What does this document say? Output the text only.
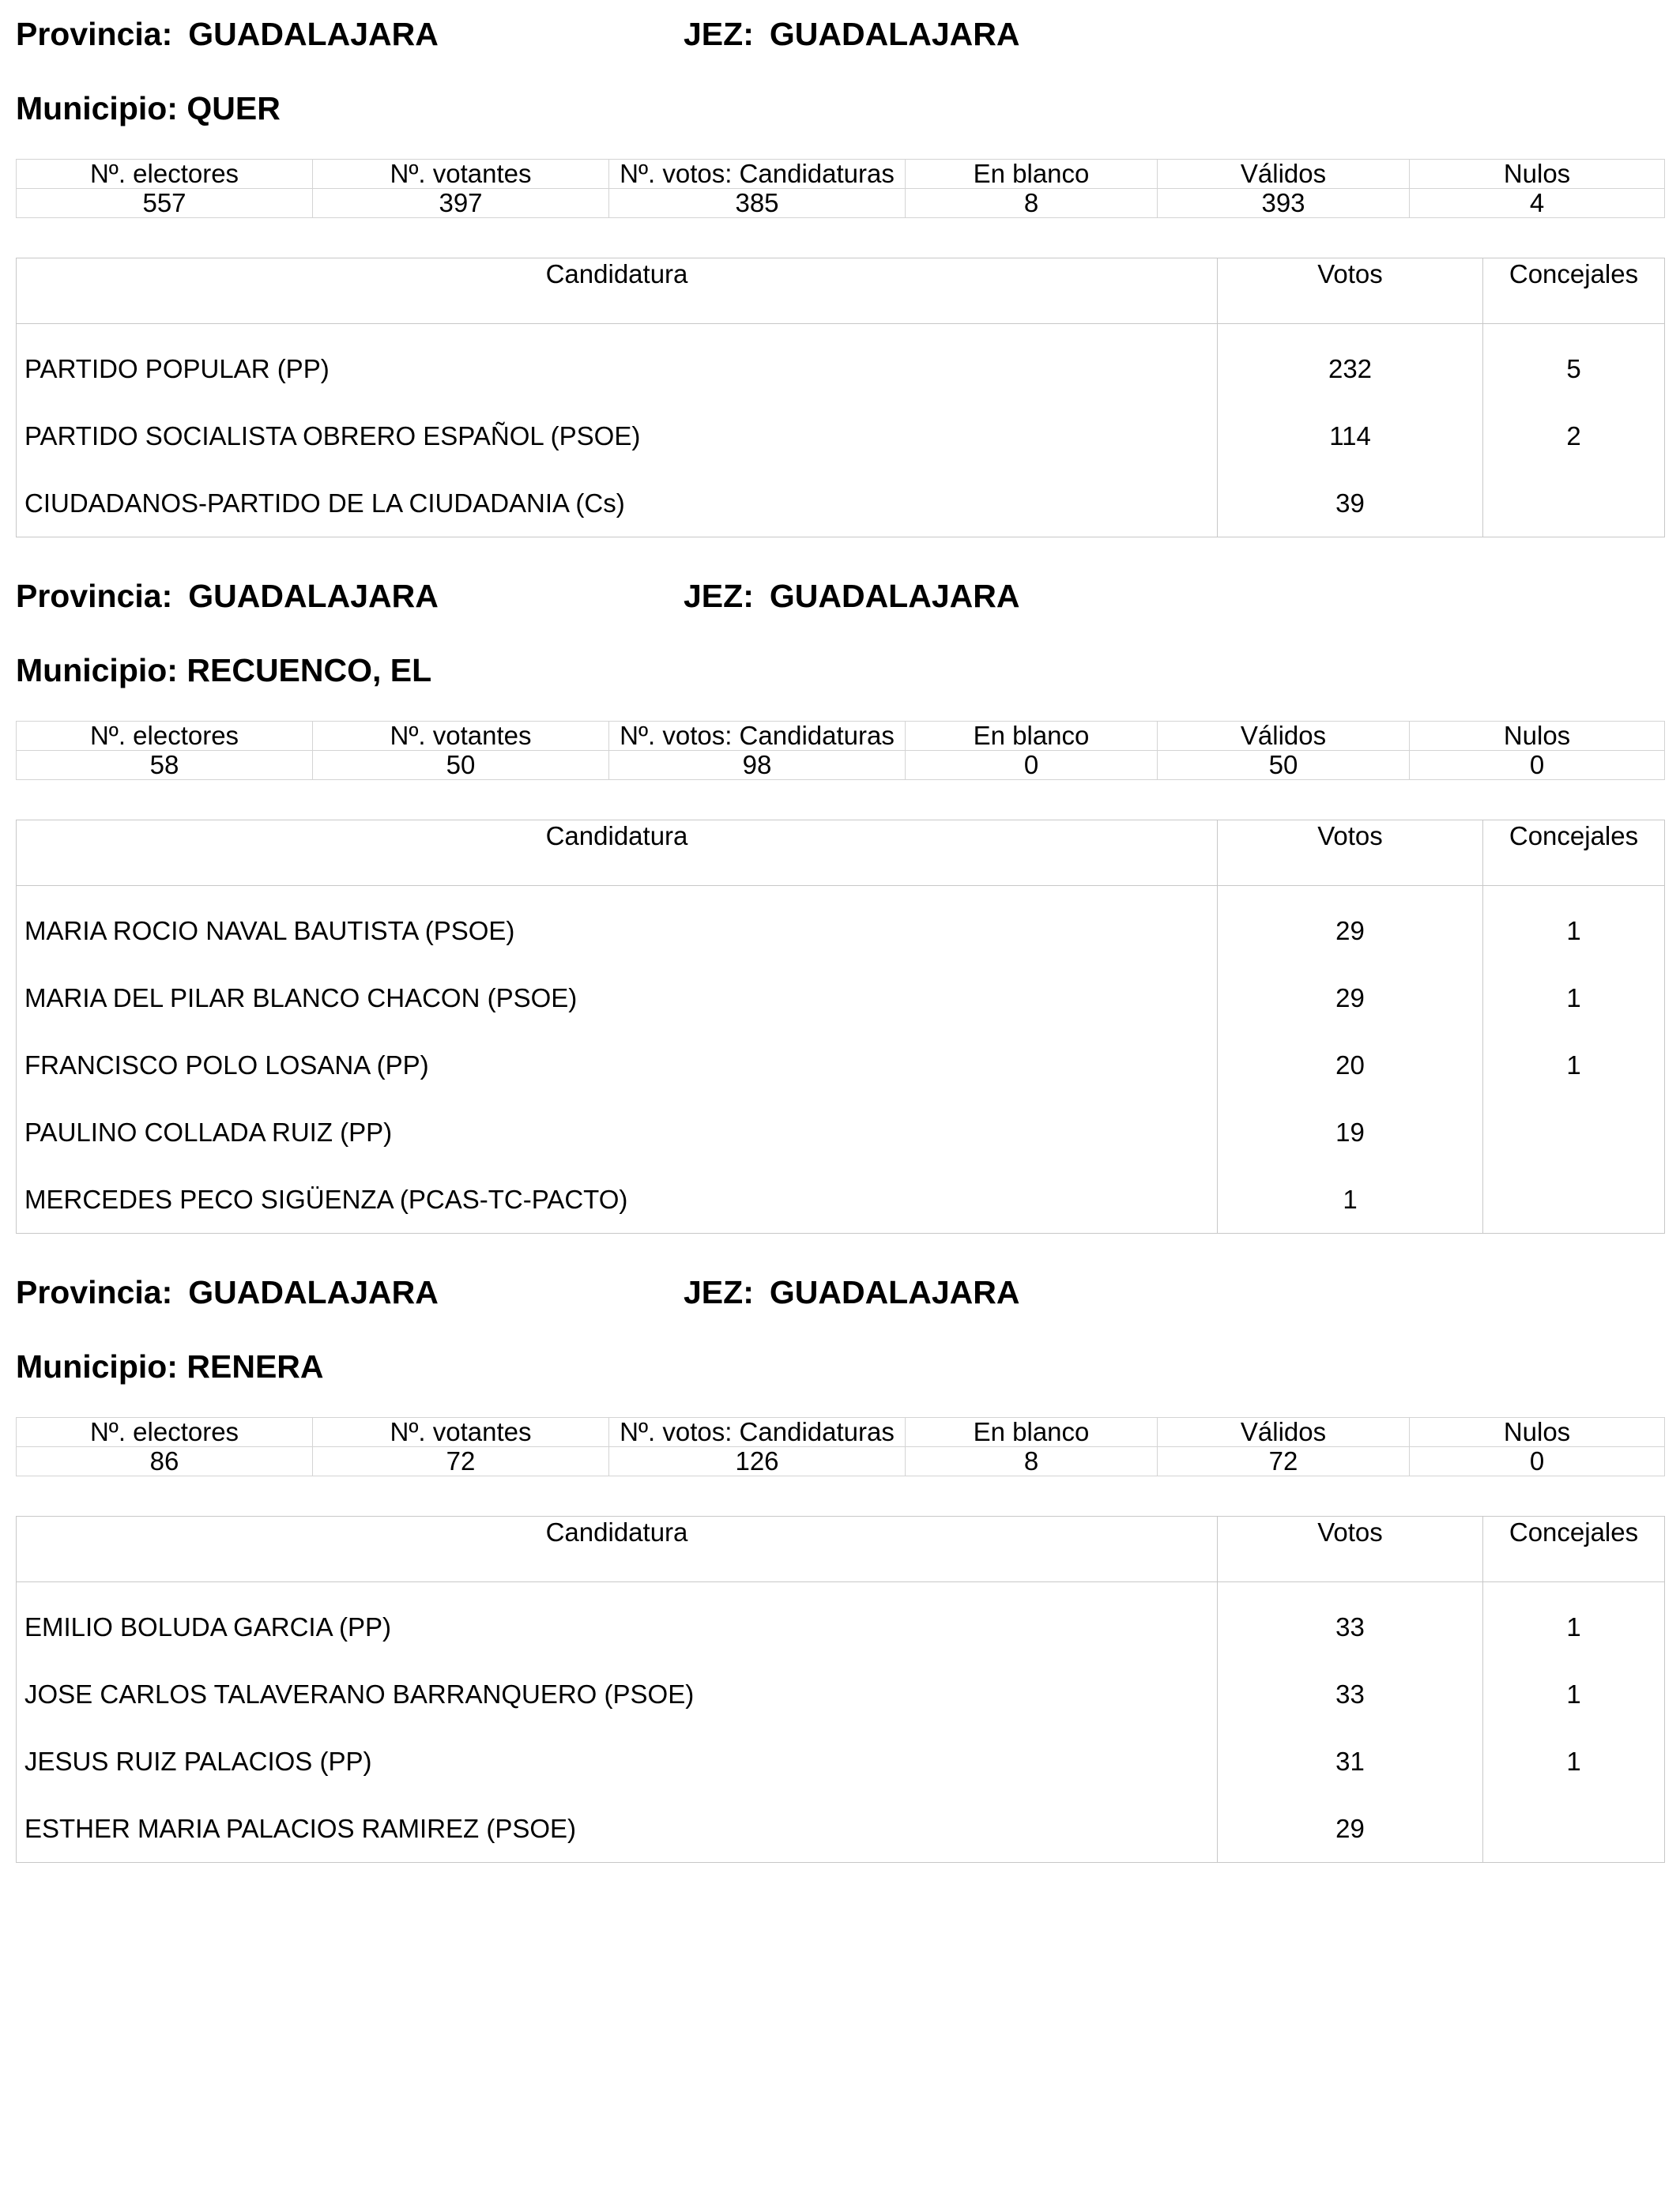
Provincia: GUADALAJARA	JEZ: GUADALAJARA
Municipio: QUER
Nº. electores	Nº. votantes	Nº. votos: Candidaturas	En blanco	Válidos	Nulos
557	397	385	8	393	4
Candidatura	Votos	Concejales
PARTIDO POPULAR (PP)	232	5
PARTIDO SOCIALISTA OBRERO ESPAÑOL (PSOE)	114	2
CIUDADANOS-PARTIDO DE LA CIUDADANIA (Cs)	39	
Provincia: GUADALAJARA	JEZ: GUADALAJARA
Municipio: RECUENCO, EL
Nº. electores	Nº. votantes	Nº. votos: Candidaturas	En blanco	Válidos	Nulos
58	50	98	0	50	0
Candidatura	Votos	Concejales
MARIA ROCIO NAVAL BAUTISTA (PSOE)	29	1
MARIA DEL PILAR BLANCO CHACON (PSOE)	29	1
FRANCISCO POLO LOSANA (PP)	20	1
PAULINO COLLADA RUIZ (PP)	19	
MERCEDES PECO SIGÜENZA (PCAS-TC-PACTO)	1	
Provincia: GUADALAJARA	JEZ: GUADALAJARA
Municipio: RENERA
Nº. electores	Nº. votantes	Nº. votos: Candidaturas	En blanco	Válidos	Nulos
86	72	126	8	72	0
Candidatura	Votos	Concejales
EMILIO BOLUDA GARCIA (PP)	33	1
JOSE CARLOS TALAVERANO BARRANQUERO (PSOE)	33	1
JESUS RUIZ PALACIOS (PP)	31	1
ESTHER MARIA PALACIOS RAMIREZ (PSOE)	29	
